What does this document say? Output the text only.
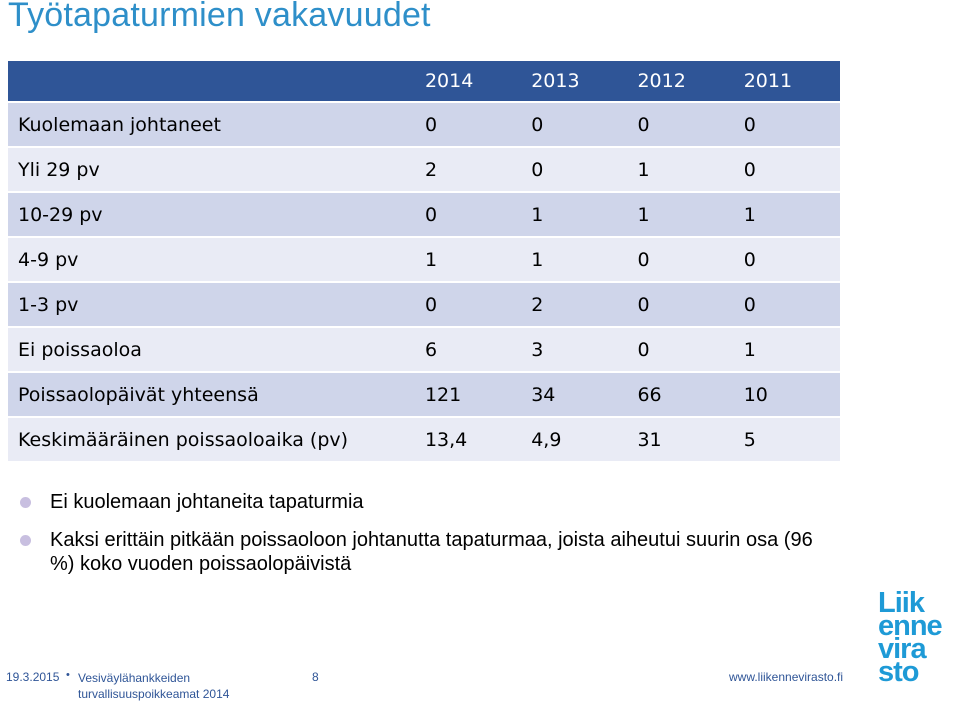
Työtapaturmien vakavuudet
	2014	2013	2012	2011
Kuolemaan johtaneet	0	0	0	0
Yli 29 pv	2	0	1	0
10-29 pv	0	1	1	1
4-9 pv	1	1	0	0
1-3 pv	0	2	0	0
Ei poissaoloa	6	3	0	1
Poissaolopäivät yhteensä	121	34	66	10
Keskimääräinen poissaoloaika (pv)	13,4	4,9	31	5
Ei kuolemaan johtaneita tapaturmia
Kaksi erittäin pitkään poissaoloon johtanutta tapaturmaa, joista aiheutui suurin osa (96 %) koko vuoden poissaolopäivistä
19.3.2015 • Vesiväylähankkeiden
turvallisuuspoikkeamat 2014
8	www.liikennevirasto.fi
Liik
enne
vira
sto
